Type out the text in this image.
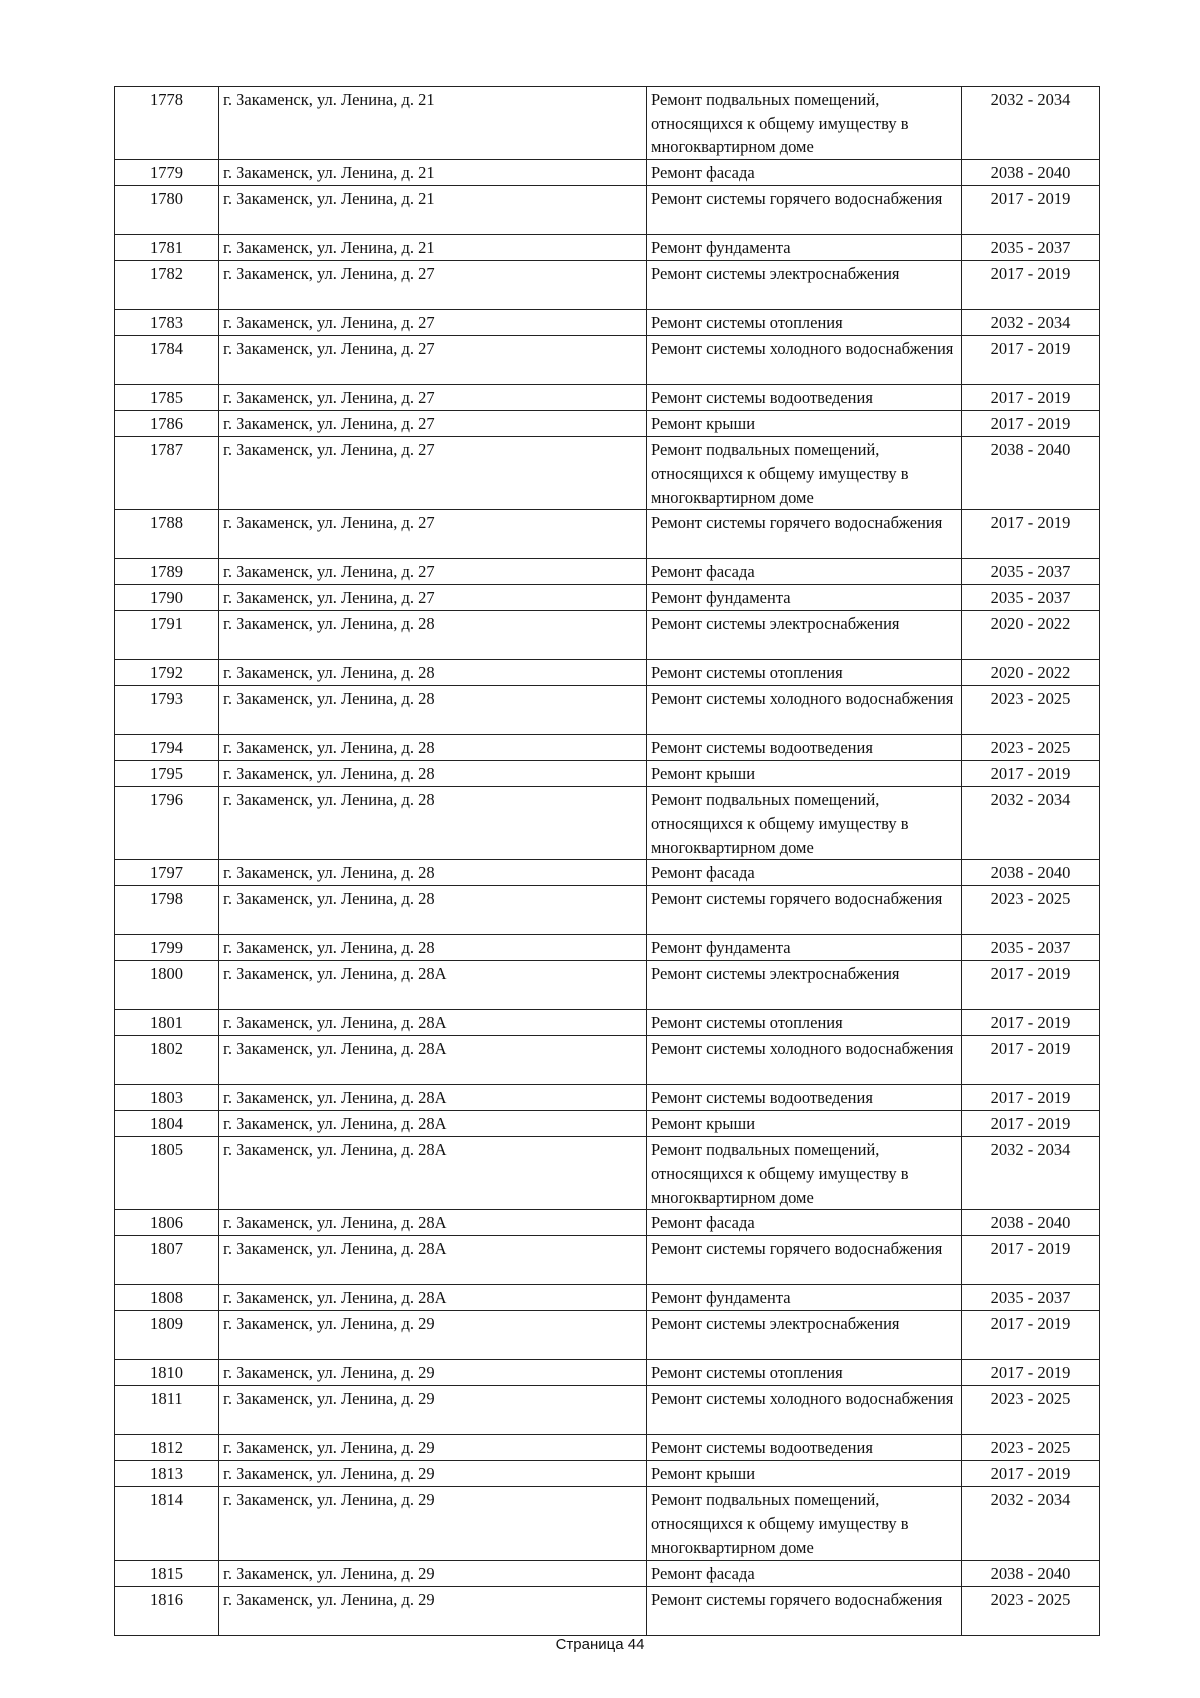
1778	г. Закаменск, ул. Ленина, д. 21	Ремонт подвальных помещений, относящихся к общему имуществу в многоквартирном доме	2032 - 2034
1779	г. Закаменск, ул. Ленина, д. 21	Ремонт фасада	2038 - 2040
1780	г. Закаменск, ул. Ленина, д. 21	Ремонт системы горячего водоснабжения	2017 - 2019
1781	г. Закаменск, ул. Ленина, д. 21	Ремонт фундамента	2035 - 2037
1782	г. Закаменск, ул. Ленина, д. 27	Ремонт системы электроснабжения	2017 - 2019
1783	г. Закаменск, ул. Ленина, д. 27	Ремонт системы отопления	2032 - 2034
1784	г. Закаменск, ул. Ленина, д. 27	Ремонт системы холодного водоснабжения	2017 - 2019
1785	г. Закаменск, ул. Ленина, д. 27	Ремонт системы водоотведения	2017 - 2019
1786	г. Закаменск, ул. Ленина, д. 27	Ремонт крыши	2017 - 2019
1787	г. Закаменск, ул. Ленина, д. 27	Ремонт подвальных помещений, относящихся к общему имуществу в многоквартирном доме	2038 - 2040
1788	г. Закаменск, ул. Ленина, д. 27	Ремонт системы горячего водоснабжения	2017 - 2019
1789	г. Закаменск, ул. Ленина, д. 27	Ремонт фасада	2035 - 2037
1790	г. Закаменск, ул. Ленина, д. 27	Ремонт фундамента	2035 - 2037
1791	г. Закаменск, ул. Ленина, д. 28	Ремонт системы электроснабжения	2020 - 2022
1792	г. Закаменск, ул. Ленина, д. 28	Ремонт системы отопления	2020 - 2022
1793	г. Закаменск, ул. Ленина, д. 28	Ремонт системы холодного водоснабжения	2023 - 2025
1794	г. Закаменск, ул. Ленина, д. 28	Ремонт системы водоотведения	2023 - 2025
1795	г. Закаменск, ул. Ленина, д. 28	Ремонт крыши	2017 - 2019
1796	г. Закаменск, ул. Ленина, д. 28	Ремонт подвальных помещений, относящихся к общему имуществу в многоквартирном доме	2032 - 2034
1797	г. Закаменск, ул. Ленина, д. 28	Ремонт фасада	2038 - 2040
1798	г. Закаменск, ул. Ленина, д. 28	Ремонт системы горячего водоснабжения	2023 - 2025
1799	г. Закаменск, ул. Ленина, д. 28	Ремонт фундамента	2035 - 2037
1800	г. Закаменск, ул. Ленина, д. 28А	Ремонт системы электроснабжения	2017 - 2019
1801	г. Закаменск, ул. Ленина, д. 28А	Ремонт системы отопления	2017 - 2019
1802	г. Закаменск, ул. Ленина, д. 28А	Ремонт системы холодного водоснабжения	2017 - 2019
1803	г. Закаменск, ул. Ленина, д. 28А	Ремонт системы водоотведения	2017 - 2019
1804	г. Закаменск, ул. Ленина, д. 28А	Ремонт крыши	2017 - 2019
1805	г. Закаменск, ул. Ленина, д. 28А	Ремонт подвальных помещений, относящихся к общему имуществу в многоквартирном доме	2032 - 2034
1806	г. Закаменск, ул. Ленина, д. 28А	Ремонт фасада	2038 - 2040
1807	г. Закаменск, ул. Ленина, д. 28А	Ремонт системы горячего водоснабжения	2017 - 2019
1808	г. Закаменск, ул. Ленина, д. 28А	Ремонт фундамента	2035 - 2037
1809	г. Закаменск, ул. Ленина, д. 29	Ремонт системы электроснабжения	2017 - 2019
1810	г. Закаменск, ул. Ленина, д. 29	Ремонт системы отопления	2017 - 2019
1811	г. Закаменск, ул. Ленина, д. 29	Ремонт системы холодного водоснабжения	2023 - 2025
1812	г. Закаменск, ул. Ленина, д. 29	Ремонт системы водоотведения	2023 - 2025
1813	г. Закаменск, ул. Ленина, д. 29	Ремонт крыши	2017 - 2019
1814	г. Закаменск, ул. Ленина, д. 29	Ремонт подвальных помещений, относящихся к общему имуществу в многоквартирном доме	2032 - 2034
1815	г. Закаменск, ул. Ленина, д. 29	Ремонт фасада	2038 - 2040
1816	г. Закаменск, ул. Ленина, д. 29	Ремонт системы горячего водоснабжения	2023 - 2025
Страница 44
